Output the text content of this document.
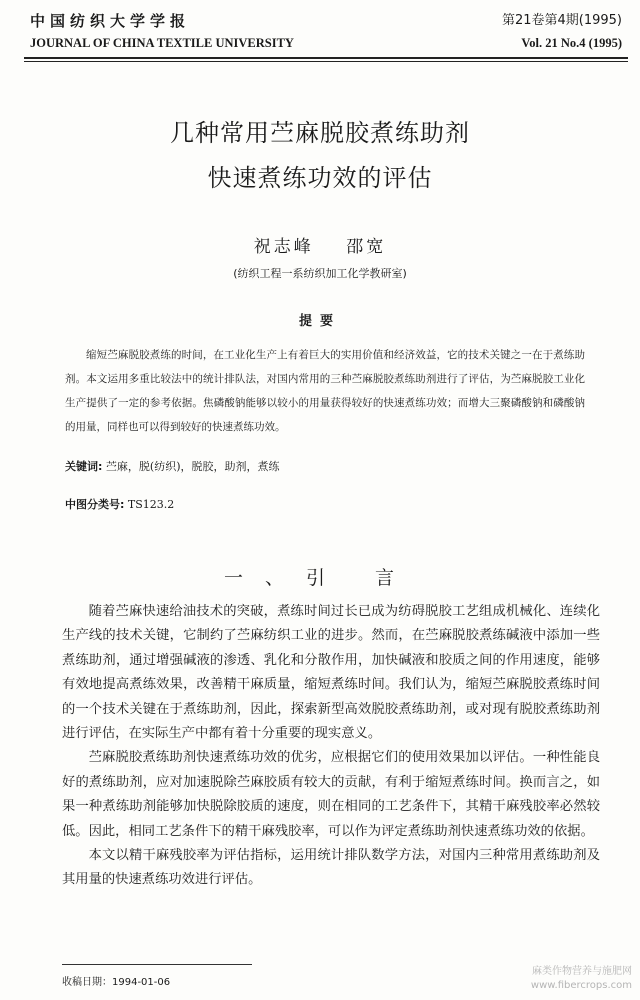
中国纺织大学学报
JOURNAL OF CHINA TEXTILE UNIVERSITY
第21卷第4期(1995)
Vol. 21 No.4 (1995)
几种常用苎麻脱胶煮练助剂
快速煮练功效的评估
祝志峰 邵宽
(纺织工程一系纺织加工化学教研室)
提要
缩短苎麻脱胶煮练的时间，在工业化生产上有着巨大的实用价值和经济效益，它的技术关键之一在于煮练助剂。本文运用多重比较法中的统计排队法，对国内常用的三种苎麻脱胶煮练助剂进行了评估，为苎麻脱胶工业化生产提供了一定的参考依据。焦磷酸钠能够以较小的用量获得较好的快速煮练功效；而增大三聚磷酸钠和磷酸钠的用量，同样也可以得到较好的快速煮练功效。
关键词: 苎麻，脱(纺织)，脱胶，助剂，煮练
中图分类号: TS123.2
一、引 言

随着苎麻快速给油技术的突破，煮练时间过长已成为纺碍脱胶工艺组成机械化、连续化生产线的技术关键，它制约了苎麻纺织工业的进步。然而，在苎麻脱胶煮练碱液中添加一些煮练助剂，通过增强碱液的渗透、乳化和分散作用，加快碱液和胶质之间的作用速度，能够有效地提高煮练效果，改善精干麻质量，缩短煮练时间。我们认为，缩短苎麻脱胶煮练时间的一个技术关键在于煮练助剂，因此，探索新型高效脱胶煮练助剂，或对现有脱胶煮练助剂进行评估，在实际生产中都有着十分重要的现实意义。

苎麻脱胶煮练助剂快速煮练功效的优劣，应根据它们的使用效果加以评估。一种性能良好的煮练助剂，应对加速脱除苎麻胶质有较大的贡献，有利于缩短煮练时间。换而言之，如果一种煮练助剂能够加快脱除胶质的速度，则在相同的工艺条件下，其精干麻残胶率必然较低。因此，相同工艺条件下的精干麻残胶率，可以作为评定煮练助剂快速煮练功效的依据。

本文以精干麻残胶率为评估指标，运用统计排队数学方法，对国内三种常用煮练助剂及其用量的快速煮练功效进行评估。

收稿日期：1994-01-06
麻类作物营养与施肥网
www.fibercrops.com
